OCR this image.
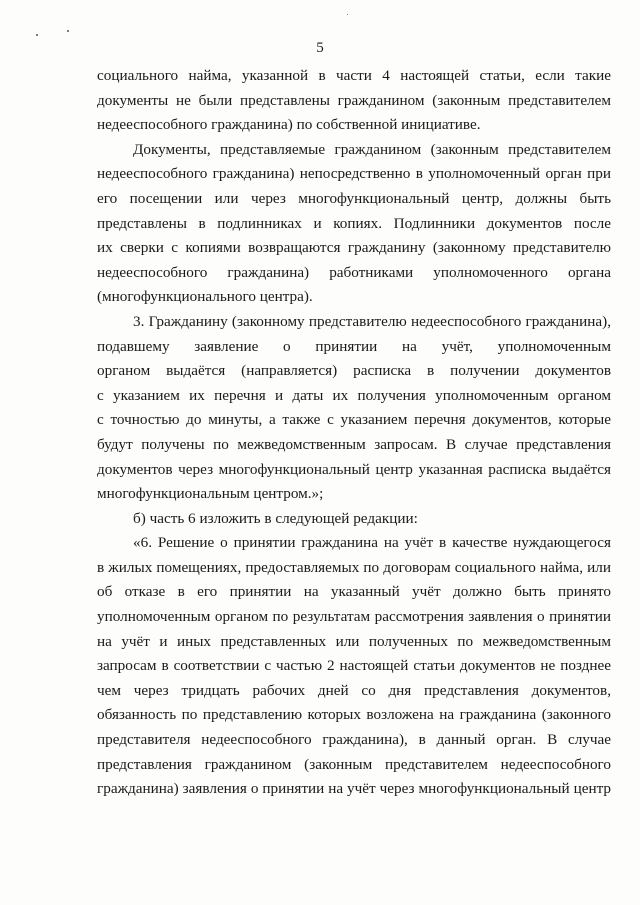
5

социального найма, указанной в части 4 настоящей статьи, если такие
документы не были представлены гражданином (законным представителем
недееспособного гражданина) по собственной инициативе.

Документы, представляемые гражданином (законным представителем
недееспособного гражданина) непосредственно в уполномоченный орган при
его посещении или через многофункциональный центр, должны быть
представлены в подлинниках и копиях. Подлинники документов после
их сверки с копиями возвращаются гражданину (законному представителю
недееспособного гражданина) работниками уполномоченного органа
(многофункционального центра).

3. Гражданину (законному представителю недееспособного гражданина),
подавшему заявление о принятии на учёт, уполномоченным
органом выдаётся (направляется) расписка в получении документов
с указанием их перечня и даты их получения уполномоченным органом
с точностью до минуты, а также с указанием перечня документов, которые
будут получены по межведомственным запросам. В случае представления
документов через многофункциональный центр указанная расписка выдаётся
многофункциональным центром.»;

б) часть 6 изложить в следующей редакции:

«6. Решение о принятии гражданина на учёт в качестве нуждающегося
в жилых помещениях, предоставляемых по договорам социального найма, или
об отказе в его принятии на указанный учёт должно быть принято
уполномоченным органом по результатам рассмотрения заявления о принятии
на учёт и иных представленных или полученных по межведомственным
запросам в соответствии с частью 2 настоящей статьи документов не позднее
чем через тридцать рабочих дней со дня представления документов,
обязанность по представлению которых возложена на гражданина (законного
представителя недееспособного гражданина), в данный орган. В случае
представления гражданином (законным представителем недееспособного
гражданина) заявления о принятии на учёт через многофункциональный центр
